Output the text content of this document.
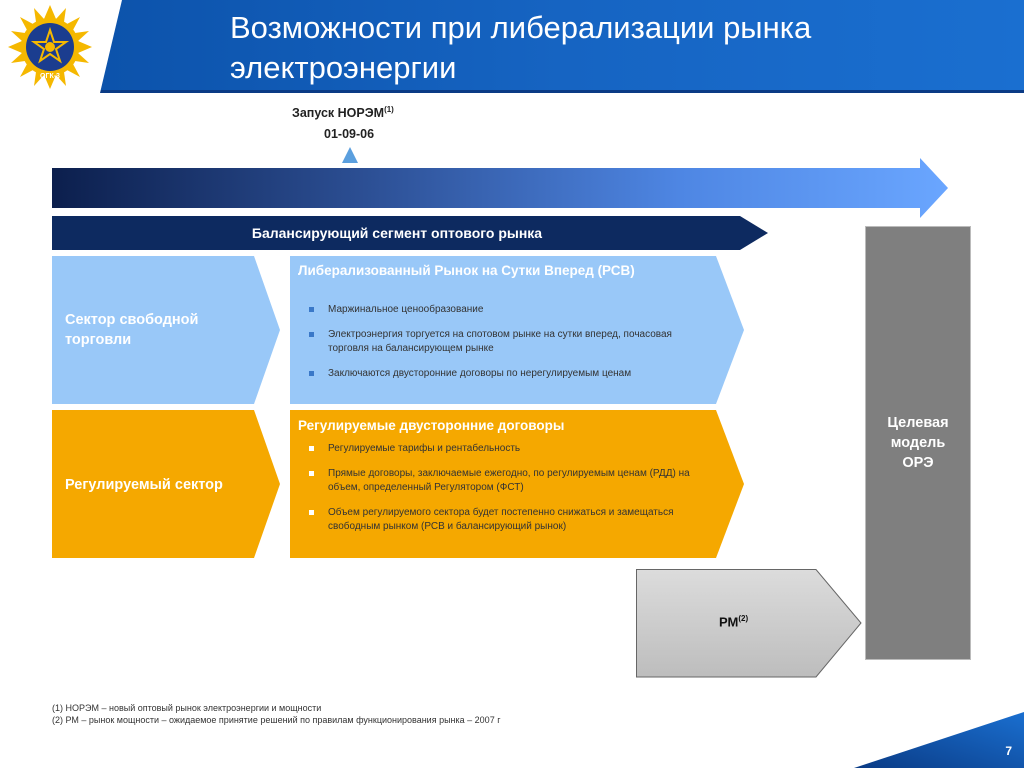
ОГК-3
Возможности при либерализации рынка
электроэнергии
Запуск НОРЭМ$^{(1)}$
01-09-06
Балансирующий сегмент оптового рынка
Сектор свободной
торговли
Либерализованный Рынок на Сутки Вперед (РСВ)
Маржинальное ценообразование
Электроэнергия торгуется на спотовом рынке на сутки вперед, почасовая торговля на балансирующем рынке
Заключаются двусторонние договоры по нерегулируемым ценам
Регулируемый сектор
Регулируемые двусторонние договоры
Регулируемые тарифы и рентабельность
Прямые договоры, заключаемые ежегодно, по регулируемым ценам (РДД) на объем, определенный Регулятором (ФСТ)
Объем регулируемого сектора будет постепенно снижаться и замещаться свободным рынком (РСВ и балансирующий рынок)
Целевая
модель
ОРЭ
РМ$^{(2)}$
(1) НОРЭМ – новый оптовый рынок электроэнергии и мощности
(2) РМ – рынок мощности – ожидаемое принятие решений по правилам функционирования рынка – 2007 г
7
